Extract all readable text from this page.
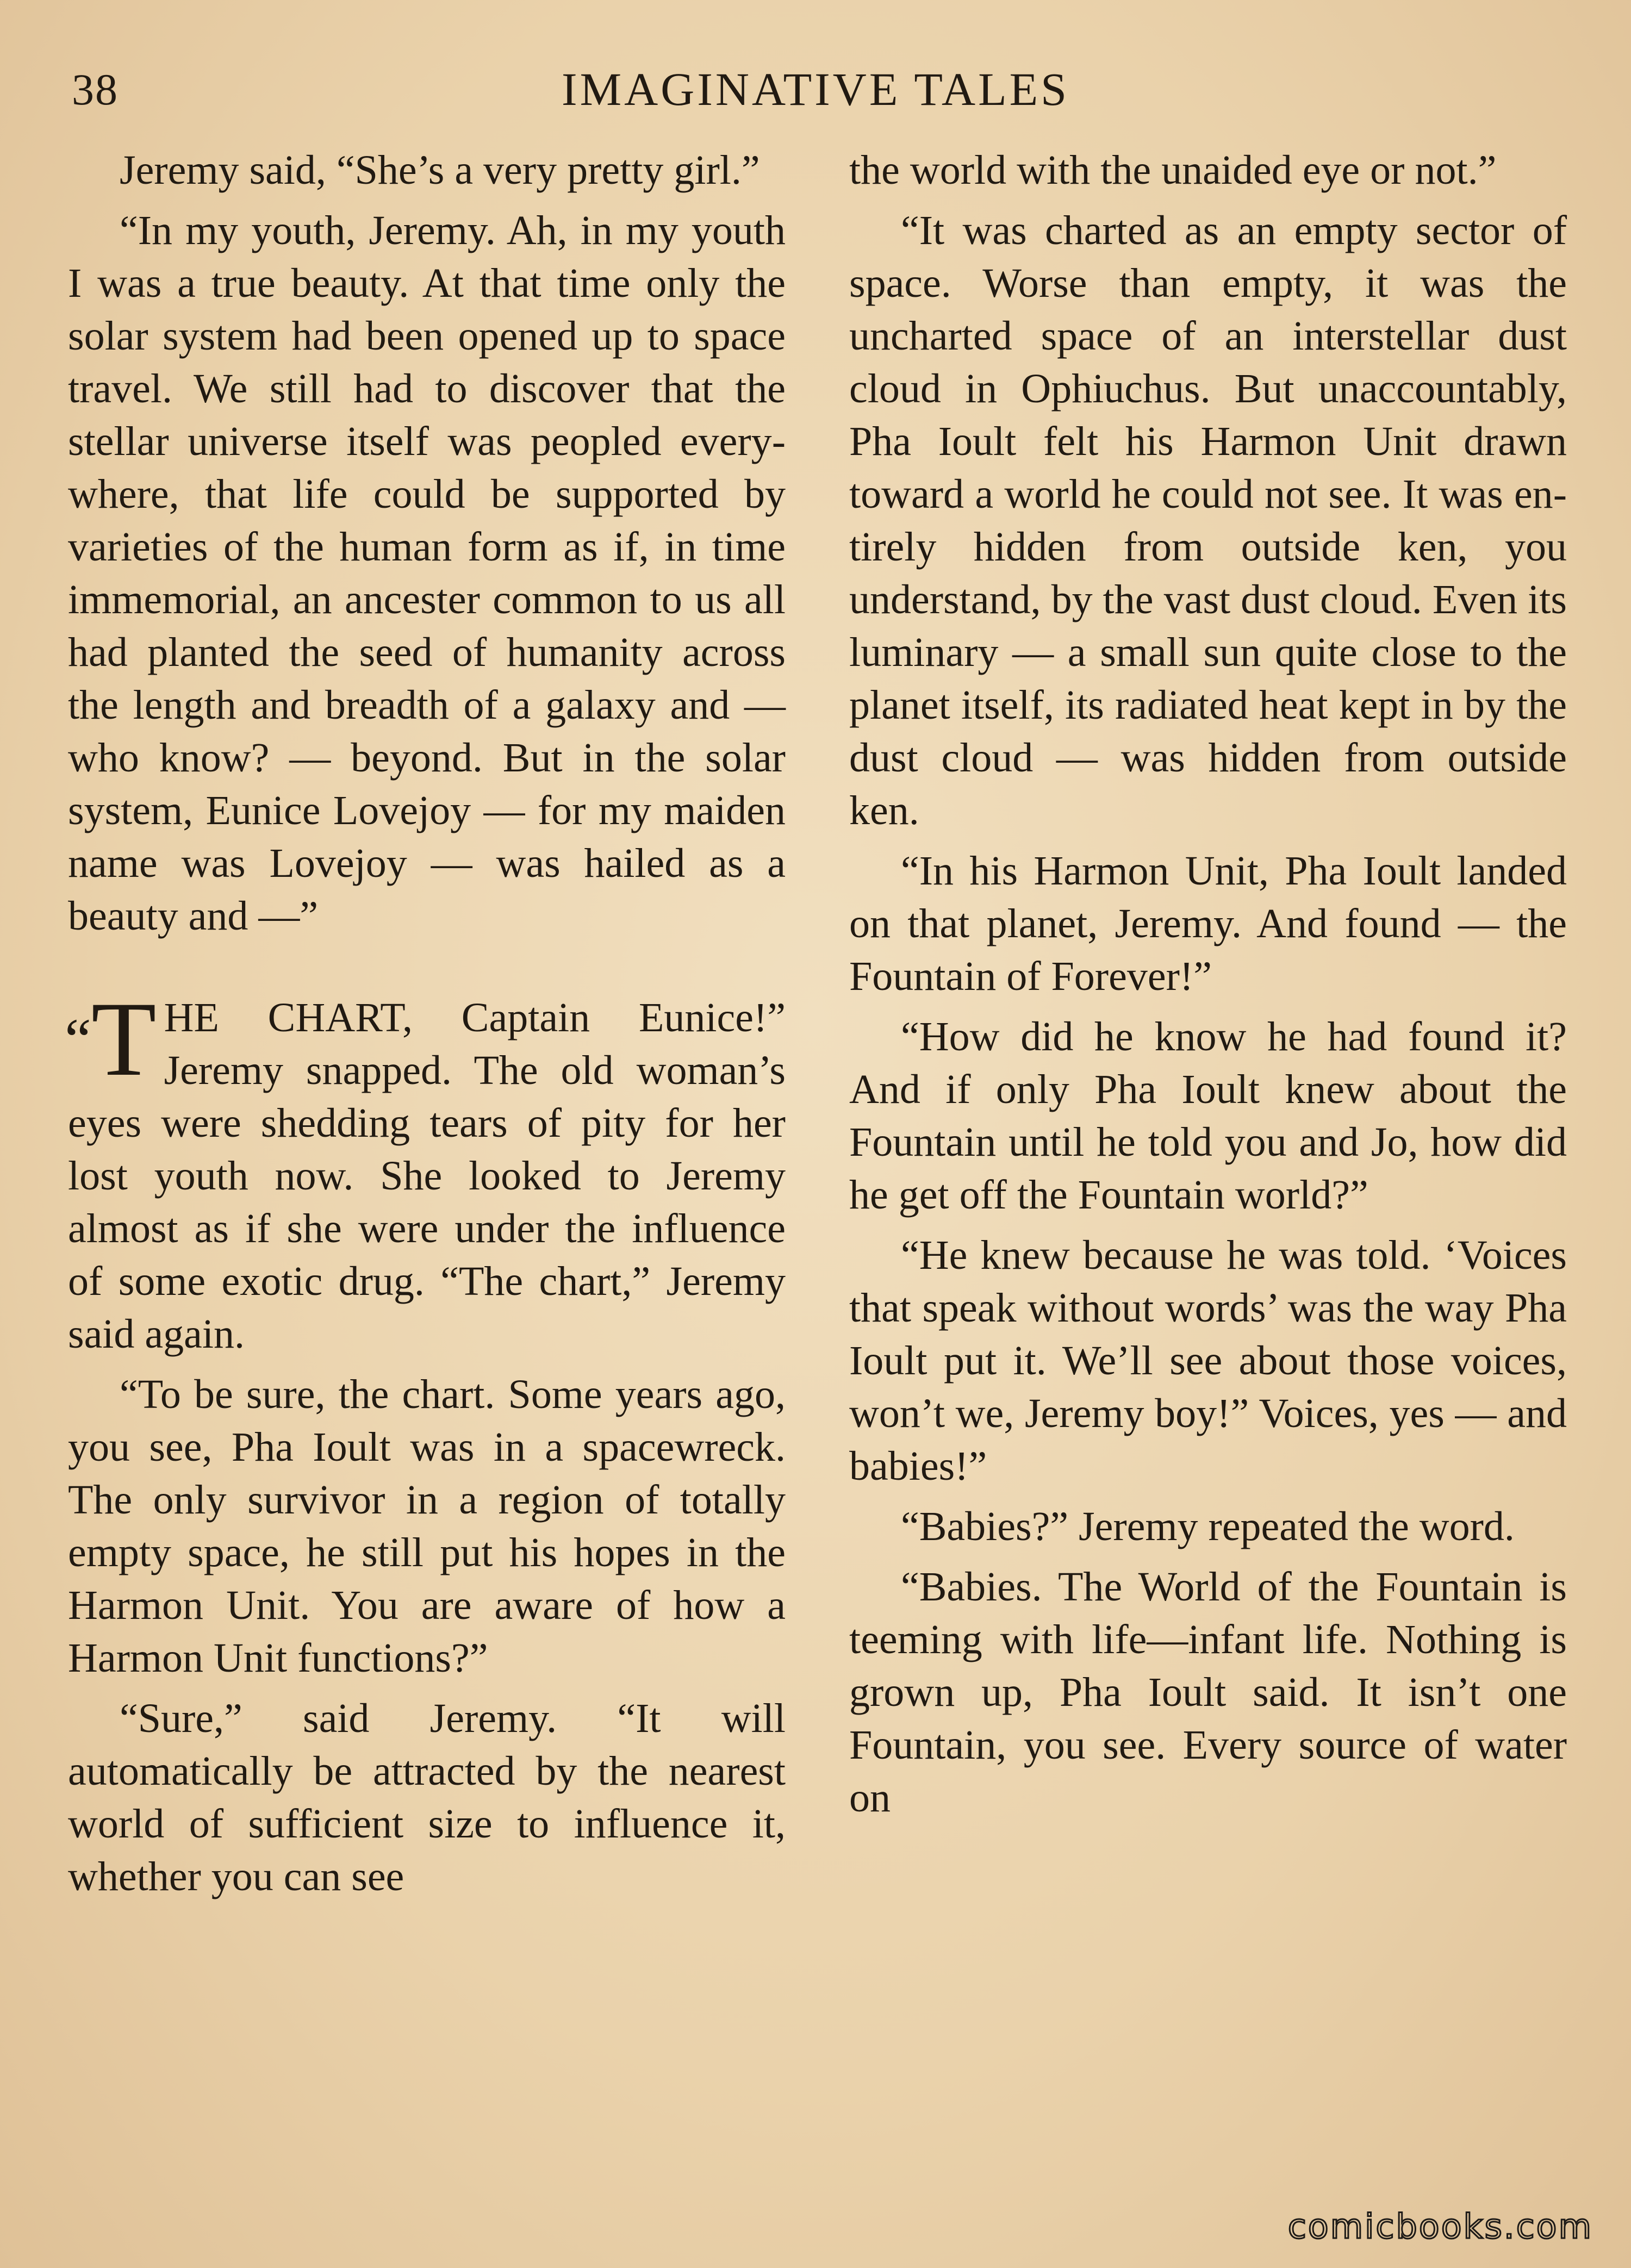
38	IMAGINATIVE TALES

Jeremy said, “She’s a very pretty girl.”

“In my youth, Jeremy. Ah, in my youth I was a true beauty. At that time only the solar system had been opened up to space travel. We still had to discover that the stellar universe itself was peopled everywhere, that life could be supported by varieties of the human form as if, in time immemorial, an ancester common to us all had planted the seed of humanity across the length and breadth of a galaxy and — who know? — beyond. But in the solar system, Eunice Lovejoy — for my maiden name was Lovejoy — was hailed as a beauty and —”

“T HE CHART, Captain Eunice!” Jeremy snapped. The old woman’s eyes were shedding tears of pity for her lost youth now. She looked to Jeremy almost as if she were under the influence of some exotic drug. “The chart,” Jeremy said again.

“To be sure, the chart. Some years ago, you see, Pha Ioult was in a spacewreck. The only survivor in a region of totally empty space, he still put his hopes in the Harmon Unit. You are aware of how a Harmon Unit functions?”

“Sure,” said Jeremy. “It will automatically be attracted by the nearest world of sufficient size to influence it, whether you can see

the world with the unaided eye or not.”

“It was charted as an empty sector of space. Worse than empty, it was the uncharted space of an interstellar dust cloud in Ophiuchus. But unaccountably, Pha Ioult felt his Harmon Unit drawn toward a world he could not see. It was entirely hidden from outside ken, you understand, by the vast dust cloud. Even its luminary — a small sun quite close to the planet itself, its radiated heat kept in by the dust cloud — was hidden from outside ken.

“In his Harmon Unit, Pha Ioult landed on that planet, Jeremy. And found — the Fountain of Forever!”

“How did he know he had found it? And if only Pha Ioult knew about the Fountain until he told you and Jo, how did he get off the Fountain world?”

“He knew because he was told. ‘Voices that speak without words’ was the way Pha Ioult put it. We’ll see about those voices, won’t we, Jeremy boy!” Voices, yes — and babies!”

“Babies?” Jeremy repeated the word.

“Babies. The World of the Fountain is teeming with life—infant life. Nothing is grown up, Pha Ioult said. It isn’t one Fountain, you see. Every source of water on

comicbooks.com
